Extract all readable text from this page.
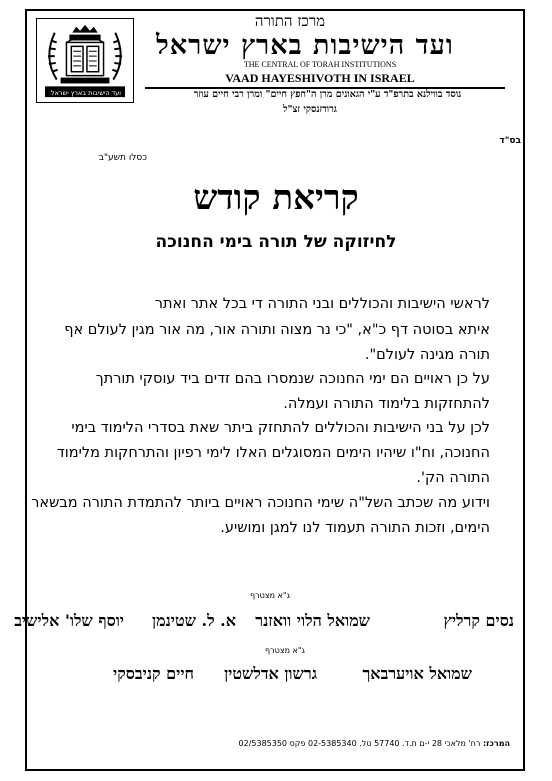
ועד הישיבות בארץ ישראל
מרכז התורה
ועד הישיבות בארץ ישראל
THE CENTRAL OF TORAH INSTITUTIONS
VAAD HAYESHIVOTH IN ISRAEL
נוסד בווילנא בתרפ"ד ע"י הגאונים מרן ה"חפץ חיים" ומרן רבי חיים עוזר
גרודזנסקי זצ"ל
בס"ד
כסלו תשע"ב
קריאת קודש
לחיזוקה של תורה בימי החנוכה
לראשי הישיבות והכוללים ובני התורה די בכל אתר ואתר
איתא בסוטה דף כ"א, "כי נר מצוה ותורה אור, מה אור מגין לעולם אף תורה מגינה לעולם".
על כן ראויים הם ימי החנוכה שנמסרו בהם זדים ביד עוסקי תורתך להתחזקות בלימוד התורה ועמלה.
לכן על בני הישיבות והכוללים להתחזק ביתר שאת בסדרי הלימוד בימי החנוכה, וח"ו שיהיו הימים המסוגלים האלו לימי רפיון והתרחקות מלימוד התורה הק'.
וידוע מה שכתב השל"ה שימי החנוכה ראויים ביותר להתמדת התורה מבשאר הימים, וזכות התורה תעמוד לנו למגן ומושיע.
ג"א מצטרף
יוסף שלו' אלישיב א. ל. שטינמן שמואל הלוי וואזנר	נסים קרליץ
ג"א מצטרף
חיים קניבסקי גרשון אדלשטין	שמואל אויערבאך
המרכז: רח' מלאכי 28 י-ם ת.ד. 57740 טל. 02-5385340 פקס 02/5385350
